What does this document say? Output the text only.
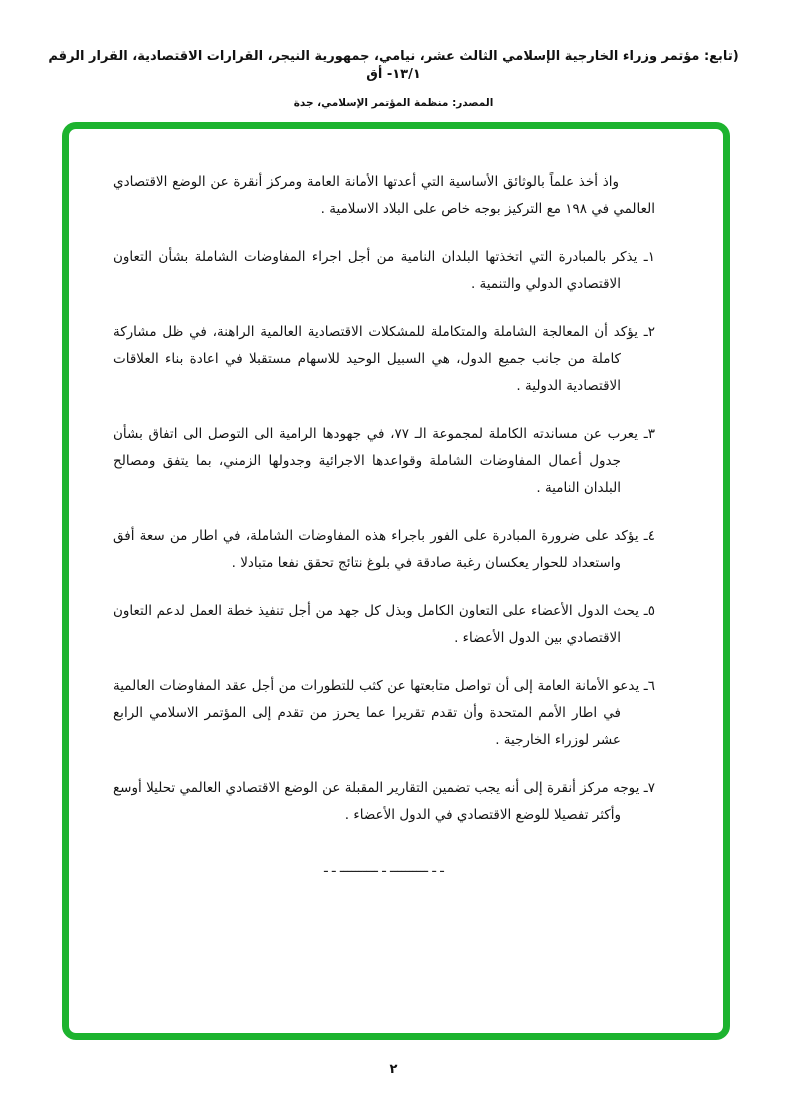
(تابع: مؤتمر وزراء الخارجية الإسلامي الثالث عشر، نيامي، جمهورية النيجر، القرارات الاقتصادية، القرار الرقم ١٣/١- أق
المصدر: منظمة المؤتمر الإسلامي، جدة

واذ أخذ علماً بالوثائق الأساسية التي أعدتها الأمانة العامة ومركز أنقرة عن الوضع الاقتصادي العالمي في ١٩٨ مع التركيز بوجه خاص على البلاد الاسلامية .

١ـ يذكر بالمبادرة التي اتخذتها البلدان النامية من أجل اجراء المفاوضات الشاملة بشأن التعاون الاقتصادي الدولي والتنمية .

٢ـ يؤكد أن المعالجة الشاملة والمتكاملة للمشكلات الاقتصادية العالمية الراهنة، في ظل مشاركة كاملة من جانب جميع الدول، هي السبيل الوحيد للاسهام مستقبلا في اعادة بناء العلاقات الاقتصادية الدولية .

٣ـ يعرب عن مساندته الكاملة لمجموعة الـ ٧٧، في جهودها الرامية الى التوصل الى اتفاق بشأن جدول أعمال المفاوضات الشاملة وقواعدها الاجرائية وجدولها الزمني، بما يتفق ومصالح البلدان النامية .

٤ـ يؤكد على ضرورة المبادرة على الفور باجراء هذه المفاوضات الشاملة، في اطار من سعة أفق واستعداد للحوار يعكسان رغبة صادقة في بلوغ نتائج تحقق نفعا متبادلا .

٥ـ يحث الدول الأعضاء على التعاون الكامل وبذل كل جهد من أجل تنفيذ خطة العمل لدعم التعاون الاقتصادي بين الدول الأعضاء .

٦ـ يدعو الأمانة العامة إلى أن تواصل متابعتها عن كثب للتطورات من أجل عقد المفاوضات العالمية في اطار الأمم المتحدة وأن تقدم تقريرا عما يحرز من تقدم إلى المؤتمر الاسلامي الرابع عشر لوزراء الخارجية .

٧ـ يوجه مركز أنقرة إلى أنه يجب تضمين التقارير المقبلة عن الوضع الاقتصادي العالمي تحليلا أوسع وأكثر تفصيلا للوضع الاقتصادي في الدول الأعضاء .

ـ ـ ــــــــــ ـ ــــــــــ ـ ـ
٢
